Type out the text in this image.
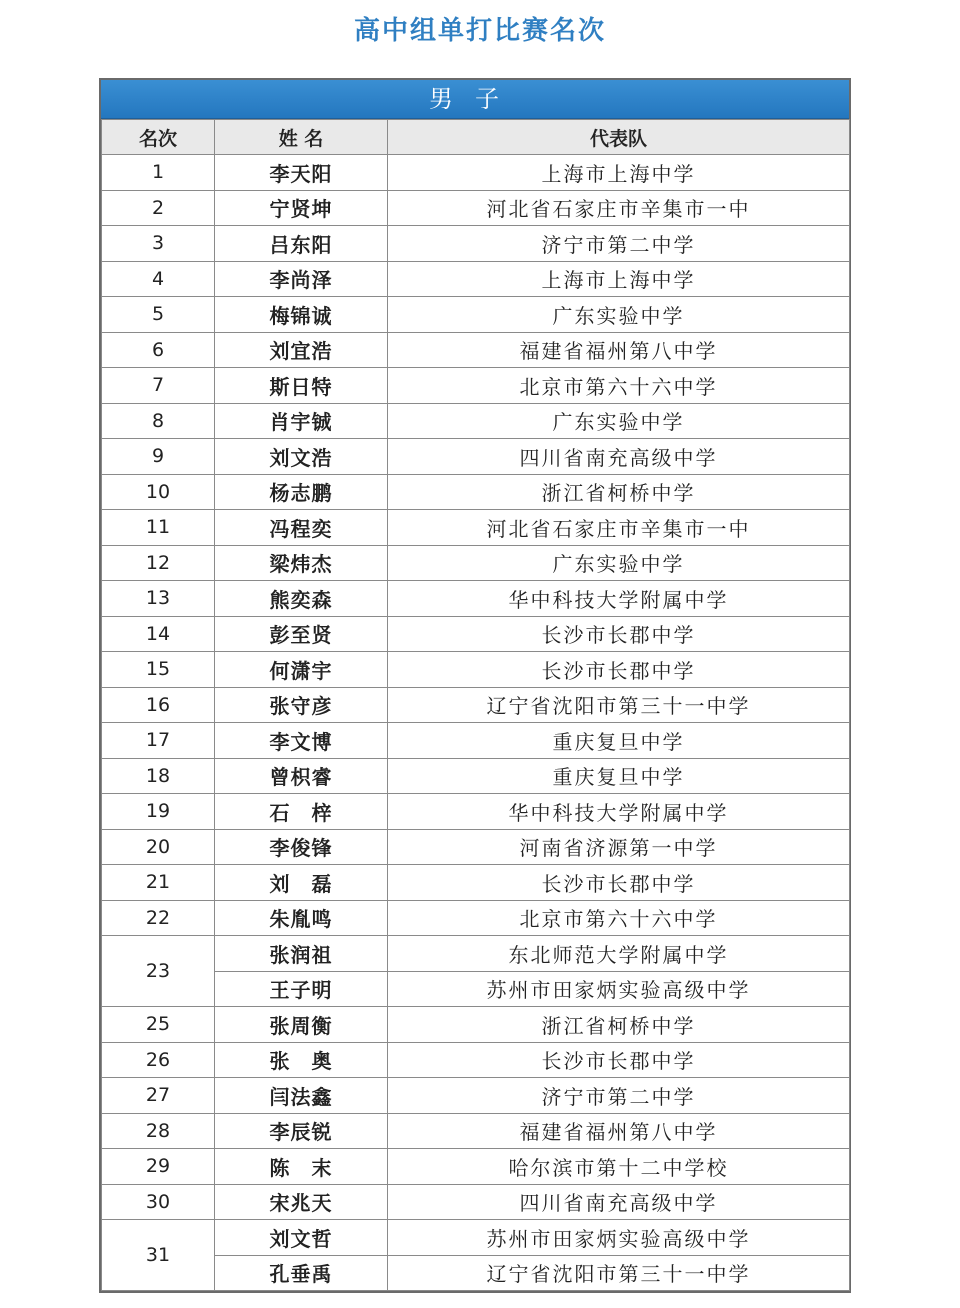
高中组单打比赛名次
男子
名次	姓 名	代表队
1	李天阳	上海市上海中学
2	宁贤坤	河北省石家庄市辛集市一中
3	吕东阳	济宁市第二中学
4	李尚泽	上海市上海中学
5	梅锦诚	广东实验中学
6	刘宜浩	福建省福州第八中学
7	斯日特	北京市第六十六中学
8	肖宇铖	广东实验中学
9	刘文浩	四川省南充高级中学
10	杨志鹏	浙江省柯桥中学
11	冯程奕	河北省石家庄市辛集市一中
12	梁炜杰	广东实验中学
13	熊奕森	华中科技大学附属中学
14	彭至贤	长沙市长郡中学
15	何潇宇	长沙市长郡中学
16	张守彦	辽宁省沈阳市第三十一中学
17	李文博	重庆复旦中学
18	曾枳睿	重庆复旦中学
19	石　梓	华中科技大学附属中学
20	李俊锋	河南省济源第一中学
21	刘　磊	长沙市长郡中学
22	朱胤鸣	北京市第六十六中学
23	张润祖	东北师范大学附属中学
	王子明	苏州市田家炳实验高级中学
25	张周衡	浙江省柯桥中学
26	张　奥	长沙市长郡中学
27	闫法鑫	济宁市第二中学
28	李辰锐	福建省福州第八中学
29	陈　末	哈尔滨市第十二中学校
30	宋兆天	四川省南充高级中学
31	刘文哲	苏州市田家炳实验高级中学
	孔垂禹	辽宁省沈阳市第三十一中学
